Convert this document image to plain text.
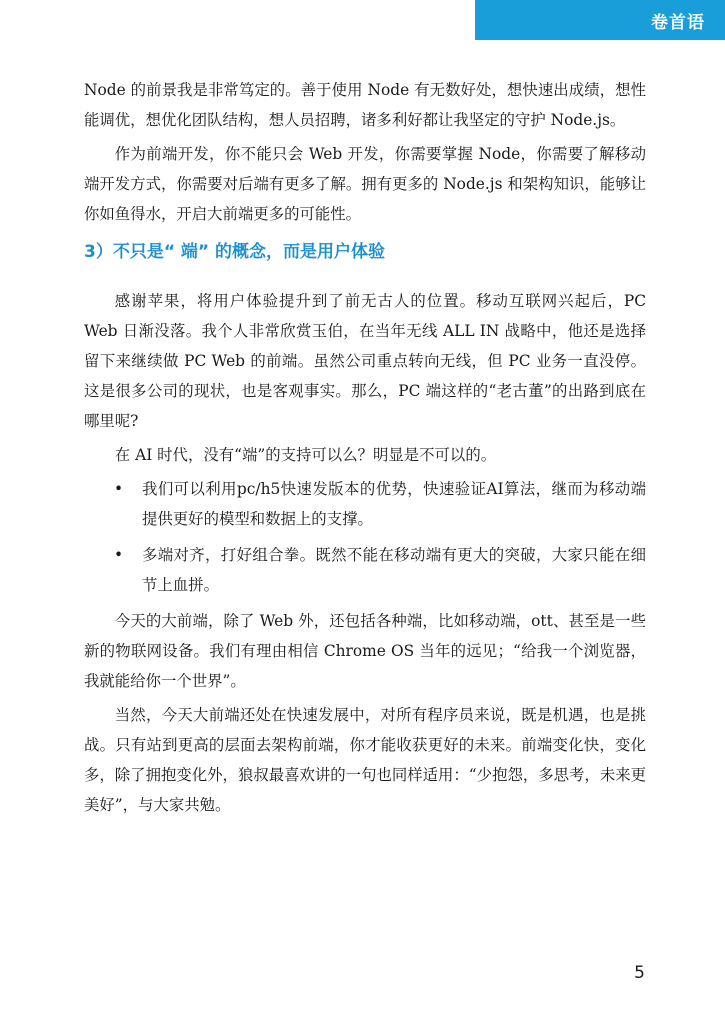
卷首语

Node 的前景我是非常笃定的。善于使用 Node 有无数好处，想快速出成绩，想性能调优，想优化团队结构，想人员招聘，诸多利好都让我坚定的守护 Node.js。

作为前端开发，你不能只会 Web 开发，你需要掌握 Node，你需要了解移动端开发方式，你需要对后端有更多了解。拥有更多的 Node.js 和架构知识，能够让你如鱼得水，开启大前端更多的可能性。

3）不只是“ 端” 的概念，而是用户体验

感谢苹果，将用户体验提升到了前无古人的位置。移动互联网兴起后，PC Web 日渐没落。我个人非常欣赏玉伯，在当年无线 ALL IN 战略中，他还是选择留下来继续做 PC Web 的前端。虽然公司重点转向无线，但 PC 业务一直没停。这是很多公司的现状，也是客观事实。那么，PC 端这样的“老古董”的出路到底在哪里呢?

在 AI 时代，没有“端”的支持可以么？明显是不可以的。

• 我们可以利用pc/h5快速发版本的优势，快速验证AI算法，继而为移动端提供更好的模型和数据上的支撑。
• 多端对齐，打好组合拳。既然不能在移动端有更大的突破，大家只能在细节上血拼。

今天的大前端，除了 Web 外，还包括各种端，比如移动端，ott、甚至是一些新的物联网设备。我们有理由相信 Chrome OS 当年的远见；“给我一个浏览器，我就能给你一个世界”。

当然，今天大前端还处在快速发展中，对所有程序员来说，既是机遇，也是挑战。只有站到更高的层面去架构前端，你才能收获更好的未来。前端变化快，变化多，除了拥抱变化外，狼叔最喜欢讲的一句也同样适用：“少抱怨，多思考，未来更美好”，与大家共勉。

5
